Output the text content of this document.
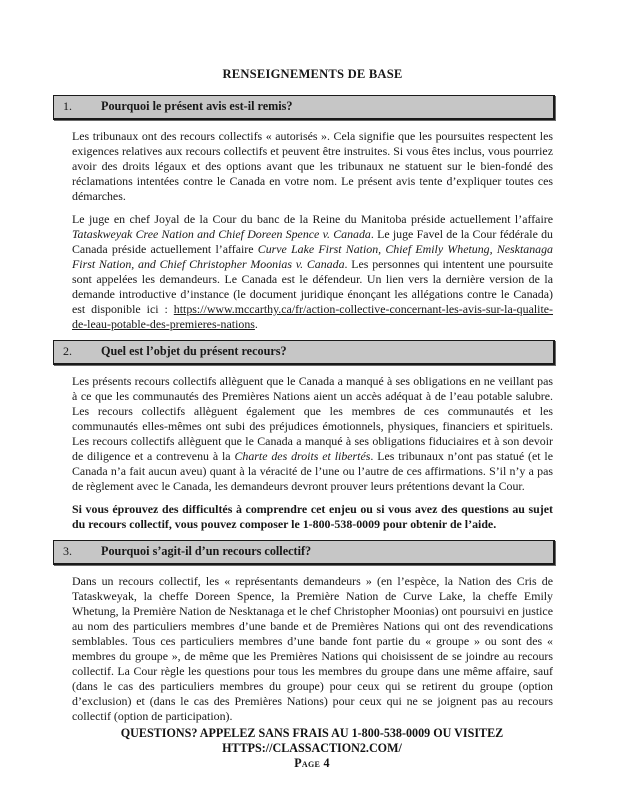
RENSEIGNEMENTS DE BASE
1.	Pourquoi le présent avis est-il remis?

Les tribunaux ont des recours collectifs « autorisés ». Cela signifie que les poursuites respectent les exigences relatives aux recours collectifs et peuvent être instruites. Si vous êtes inclus, vous pourriez avoir des droits légaux et des options avant que les tribunaux ne statuent sur le bien-fondé des réclamations intentées contre le Canada en votre nom. Le présent avis tente d’expliquer toutes ces démarches.

Le juge en chef Joyal de la Cour du banc de la Reine du Manitoba préside actuellement l’affaire Tataskweyak Cree Nation and Chief Doreen Spence v. Canada. Le juge Favel de la Cour fédérale du Canada préside actuellement l’affaire Curve Lake First Nation, Chief Emily Whetung, Nesktanaga First Nation, and Chief Christopher Moonias v. Canada. Les personnes qui intentent une poursuite sont appelées les demandeurs. Le Canada est le défendeur. Un lien vers la dernière version de la demande introductive d’instance (le document juridique énonçant les allégations contre le Canada) est disponible ici : https://www.mccarthy.ca/fr/action-collective-concernant-les-avis-sur-la-qualite-de-leau-potable-des-premieres-nations.

2.	Quel est l’objet du présent recours?

Les présents recours collectifs allèguent que le Canada a manqué à ses obligations en ne veillant pas à ce que les communautés des Premières Nations aient un accès adéquat à de l’eau potable salubre. Les recours collectifs allèguent également que les membres de ces communautés et les communautés elles-mêmes ont subi des préjudices émotionnels, physiques, financiers et spirituels. Les recours collectifs allèguent que le Canada a manqué à ses obligations fiduciaires et à son devoir de diligence et a contrevenu à la Charte des droits et libertés. Les tribunaux n’ont pas statué (et le Canada n’a fait aucun aveu) quant à la véracité de l’une ou l’autre de ces affirmations. S’il n’y a pas de règlement avec le Canada, les demandeurs devront prouver leurs prétentions devant la Cour.

Si vous éprouvez des difficultés à comprendre cet enjeu ou si vous avez des questions au sujet du recours collectif, vous pouvez composer le 1-800-538-0009 pour obtenir de l’aide.

3.	Pourquoi s’agit-il d’un recours collectif?

Dans un recours collectif, les « représentants demandeurs » (en l’espèce, la Nation des Cris de Tataskweyak, la cheffe Doreen Spence, la Première Nation de Curve Lake, la cheffe Emily Whetung, la Première Nation de Nesktanaga et le chef Christopher Moonias) ont poursuivi en justice au nom des particuliers membres d’une bande et de Premières Nations qui ont des revendications semblables. Tous ces particuliers membres d’une bande font partie du « groupe » ou sont des « membres du groupe », de même que les Premières Nations qui choisissent de se joindre au recours collectif. La Cour règle les questions pour tous les membres du groupe dans une même affaire, sauf (dans le cas des particuliers membres du groupe) pour ceux qui se retirent du groupe (option d’exclusion) et (dans le cas des Premières Nations) pour ceux qui ne se joignent pas au recours collectif (option de participation).

QUESTIONS? APPELEZ SANS FRAIS AU 1-800-538-0009 OU VISITEZ
HTTPS://CLASSACTION2.COM/
Page 4
